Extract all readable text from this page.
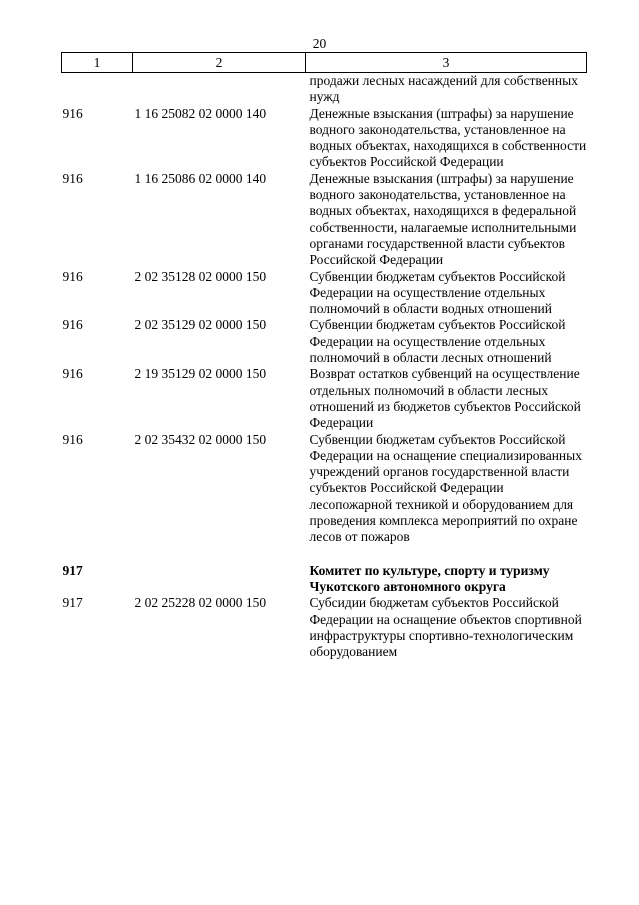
20
1	2	3
		продажи лесных насаждений для собственных нужд
916	1 16 25082 02 0000 140	Денежные взыскания (штрафы) за нарушение водного законодательства, установленное на водных объектах, находящихся в собственности субъектов Российской Федерации
916	1 16 25086 02 0000 140	Денежные взыскания (штрафы) за нарушение водного законодательства, установленное на водных объектах, находящихся в федеральной собственности, налагаемые исполнительными органами государственной власти субъектов Российской Федерации
916	2 02 35128 02 0000 150	Субвенции бюджетам субъектов Российской Федерации на осуществление отдельных полномочий в области водных отношений
916	2 02 35129 02 0000 150	Субвенции бюджетам субъектов Российской Федерации на осуществление отдельных полномочий в области лесных отношений
916	2 19 35129 02 0000 150	Возврат остатков субвенций на осуществление отдельных полномочий в области лесных отношений из бюджетов субъектов Российской Федерации
916	2 02 35432 02 0000 150	Субвенции бюджетам субъектов Российской Федерации на оснащение специализированных учреждений органов государственной власти субъектов Российской Федерации лесопожарной техникой и оборудованием для проведения комплекса мероприятий по охране лесов от пожаров

917		Комитет по культуре, спорту и туризму Чукотского автономного округа
917	2 02 25228 02 0000 150	Субсидии бюджетам субъектов Российской Федерации на оснащение объектов спортивной инфраструктуры спортивно-технологическим оборудованием
